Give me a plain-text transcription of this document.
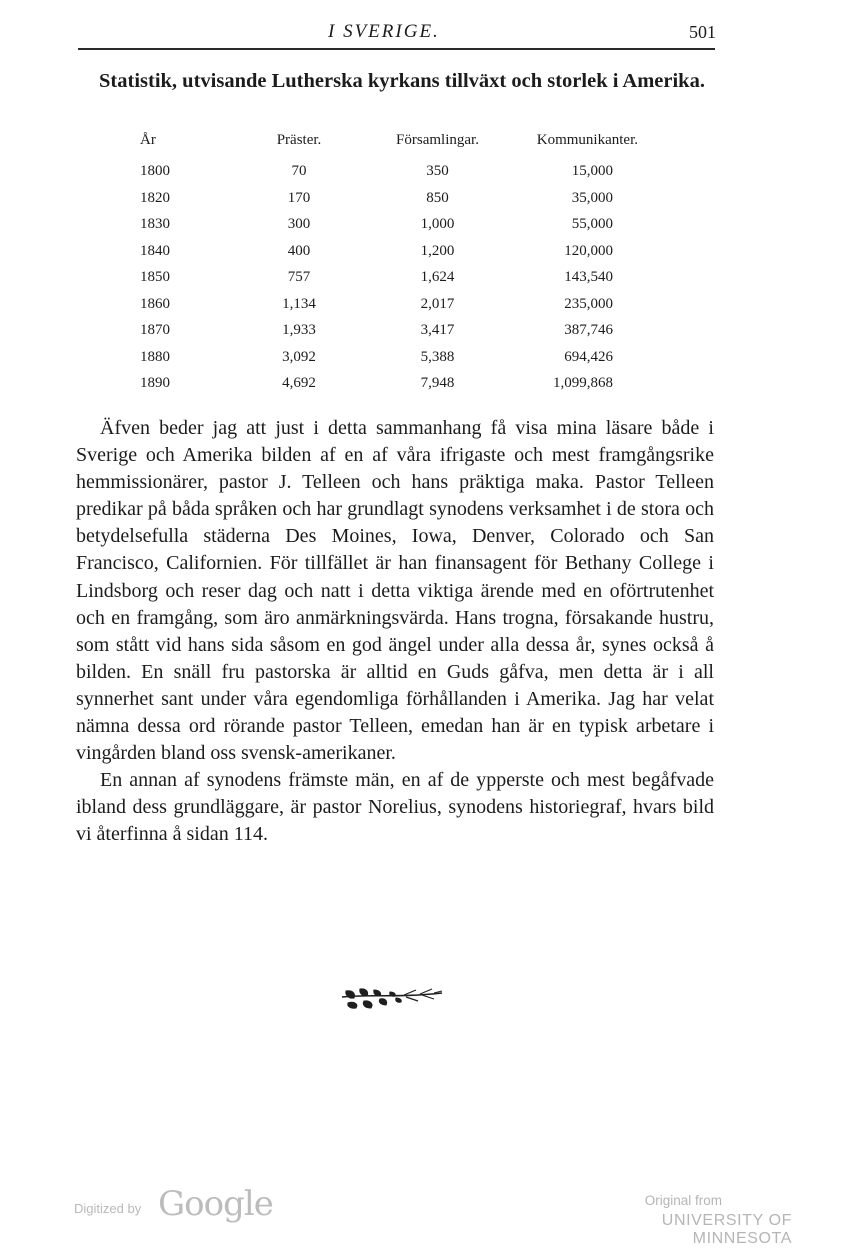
I SVERIGE.	501
Statistik, utvisande Lutherska kyrkans tillväxt och storlek i Amerika.
År	Präster.	Församlingar.	Kommunikanter.
1800	70	350	15,000
1820	170	850	35,000
1830	300	1,000	55,000
1840	400	1,200	120,000
1850	757	1,624	143,540
1860	1,134	2,017	235,000
1870	1,933	3,417	387,746
1880	3,092	5,388	694,426
1890	4,692	7,948	1,099,868

Äfven beder jag att just i detta sammanhang få visa mina läsare både i Sverige och Amerika bilden af en af våra ifrigaste och mest framgångsrike hemmissionärer, pastor J. Telleen och hans präktiga maka. Pastor Telleen predikar på båda språken och har grundlagt synodens verksamhet i de stora och betydelsefulla städerna Des Moines, Iowa, Denver, Colorado och San Francisco, Californien. För tillfället är han finansagent för Bethany College i Lindsborg och reser dag och natt i detta viktiga ärende med en oförtrutenhet och en framgång, som äro anmärkningsvärda. Hans trogna, försakande hustru, som stått vid hans sida såsom en god ängel under alla dessa år, synes också å bilden. En snäll fru pastorska är alltid en Guds gåfva, men detta är i all synnerhet sant under våra egendomliga förhållanden i Amerika. Jag har velat nämna dessa ord rörande pastor Telleen, emedan han är en typisk arbetare i vingården bland oss svensk-amerikaner.

En annan af synodens främste män, en af de ypperste och mest begåfvade ibland dess grundläggare, är pastor Norelius, synodens historiegraf, hvars bild vi återfinna å sidan 114.

Digitized by Google	Original from
UNIVERSITY OF MINNESOTA
